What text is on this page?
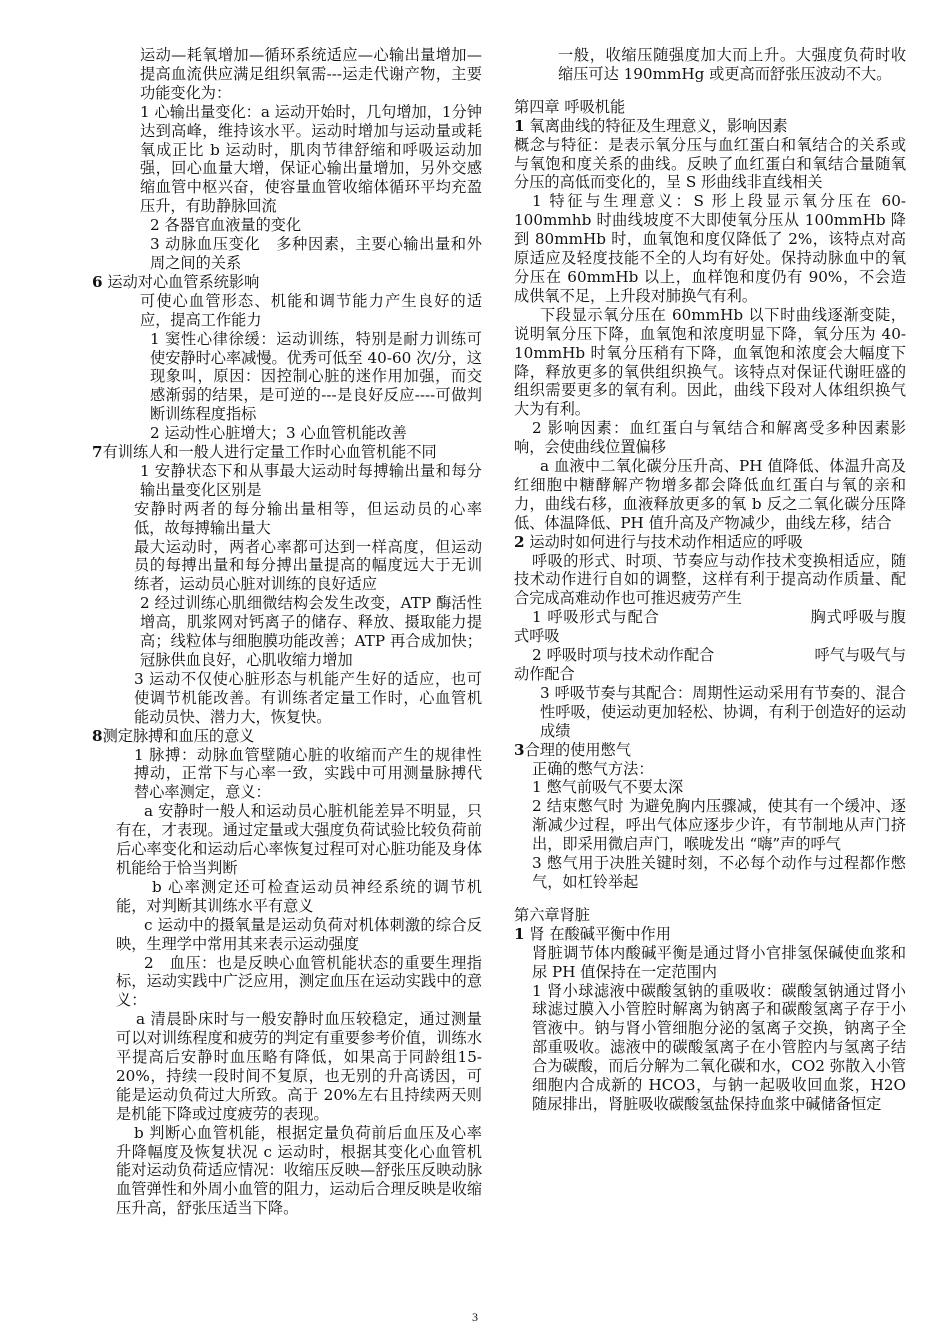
运动—耗氧增加—循环系统适应—心输出量增加—提高血流供应满足组织氧需---运走代谢产物，主要功能变化为：

1 心输出量变化：a 运动开始时，几句增加，1分钟达到高峰，维持该水平。运动时增加与运动量或耗氧成正比 b 运动时，肌肉节律舒缩和呼吸运动加强，回心血量大增，保证心输出量增加，另外交感缩血管中枢兴奋，使容量血管收缩体循环平均充盈压升，有助静脉回流

2 各器官血液量的变化

3 动脉血压变化　多种因素，主要心输出量和外周之间的关系

6 运动对心血管系统影响

可使心血管形态、机能和调节能力产生良好的适应，提高工作能力

1 窦性心律徐缓：运动训练，特别是耐力训练可使安静时心率减慢。优秀可低至 40-60 次/分，这现象叫，原因：因控制心脏的迷作用加强，而交感渐弱的结果，是可逆的---是良好反应----可做判断训练程度指标

2 运动性心脏增大；3 心血管机能改善

7有训练人和一般人进行定量工作时心血管机能不同

1 安静状态下和从事最大运动时每搏输出量和每分输出量变化区别是

安静时两者的每分输出量相等，但运动员的心率低，故每搏输出量大

最大运动时，两者心率都可达到一样高度，但运动员的每搏出量和每分搏出量提高的幅度远大于无训练者，运动员心脏对训练的良好适应

2 经过训练心肌细微结构会发生改变，ATP 酶活性增高，肌浆网对钙离子的储存、释放、摄取能力提高；线粒体与细胞膜功能改善；ATP 再合成加快；冠脉供血良好，心肌收缩力增加

3 运动不仅使心脏形态与机能产生好的适应，也可使调节机能改善。有训练者定量工作时，心血管机能动员快、潜力大，恢复快。

8测定脉搏和血压的意义

1 脉搏：动脉血管壁随心脏的收缩而产生的规律性搏动，正常下与心率一致，实践中可用测量脉搏代替心率测定，意义：

a 安静时一般人和运动员心脏机能差异不明显，只有在，才表现。通过定量或大强度负荷试验比较负荷前后心率变化和运动后心率恢复过程可对心脏功能及身体机能给于恰当判断

b 心率测定还可检查运动员神经系统的调节机能，对判断其训练水平有意义

c 运动中的摄氧量是运动负荷对机体刺激的综合反映，生理学中常用其来表示运动强度

2　血压：也是反映心血管机能状态的重要生理指标，运动实践中广泛应用，测定血压在运动实践中的意义：

a 清晨卧床时与一般安静时血压较稳定，通过测量可以对训练程度和疲劳的判定有重要参考价值，训练水平提高后安静时血压略有降低，如果高于同龄组15-20%，持续一段时间不复原，也无别的升高诱因，可能是运动负荷过大所致。高于 20%左右且持续两天则是机能下降或过度疲劳的表现。

b 判断心血管机能，根据定量负荷前后血压及心率升降幅度及恢复状况 c 运动时，根据其变化心血管机能对运动负荷适应情况：收缩压反映—舒张压反映动脉血管弹性和外周小血管的阻力，运动后合理反映是收缩压升高，舒张压适当下降。

一般，收缩压随强度加大而上升。大强度负荷时收缩压可达 190mmHg 或更高而舒张压波动不大。

第四章 呼吸机能

1 氧离曲线的特征及生理意义，影响因素

概念与特征：是表示氧分压与血红蛋白和氧结合的关系或与氧饱和度关系的曲线。反映了血红蛋白和氧结合量随氧分压的高低而变化的，呈 S 形曲线非直线相关

1 特征与生理意义：S 形上段显示氧分压在 60-100mmhb 时曲线坡度不大即使氧分压从 100mmHb 降到 80mmHb 时，血氧饱和度仅降低了 2%，该特点对高原适应及轻度技能不全的人均有好处。保持动脉血中的氧分压在 60mmHb 以上，血样饱和度仍有 90%，不会造成供氧不足，上升段对肺换气有利。

下段显示氧分压在 60mmHb 以下时曲线逐渐变陡，说明氧分压下降，血氧饱和浓度明显下降，氧分压为 40-10mmHb 时氧分压稍有下降，血氧饱和浓度会大幅度下降，释放更多的氧供组织换气。该特点对保证代谢旺盛的组织需要更多的氧有利。因此，曲线下段对人体组织换气大为有利。

2 影响因素：血红蛋白与氧结合和解离受多种因素影响，会使曲线位置偏移

a 血液中二氧化碳分压升高、PH 值降低、体温升高及红细胞中糖酵解产物增多都会降低血红蛋白与氧的亲和力，曲线右移，血液释放更多的氧 b 反之二氧化碳分压降低、体温降低、PH 值升高及产物减少，曲线左移，结合

2 运动时如何进行与技术动作相适应的呼吸

呼吸的形式、时项、节奏应与动作技术变换相适应，随技术动作进行自如的调整，这样有利于提高动作质量、配合完成高难动作也可推迟疲劳产生

1 呼吸形式与配合	胸式呼吸与腹式呼吸

2 呼吸时项与技术动作配合	呼气与吸气与动作配合

3 呼吸节奏与其配合：周期性运动采用有节奏的、混合性呼吸，使运动更加轻松、协调，有利于创造好的运动成绩

3合理的使用憋气

正确的憋气方法：

1 憋气前吸气不要太深

2 结束憋气时 为避免胸内压骤减，使其有一个缓冲、逐渐减少过程，呼出气体应逐步少许，有节制地从声门挤出，即采用微启声门，喉咙发出 “嗨”声的呼气

3 憋气用于决胜关键时刻，不必每个动作与过程都作憋气，如杠铃举起

第六章肾脏

1 肾 在酸碱平衡中作用

肾脏调节体内酸碱平衡是通过肾小官排氢保碱使血浆和尿 PH 值保持在一定范围内

1 肾小球滤液中碳酸氢钠的重吸收：碳酸氢钠通过肾小球滤过膜入小管腔时解离为钠离子和碳酸氢离子存于小管液中。钠与肾小管细胞分泌的氢离子交换，钠离子全部重吸收。滤液中的碳酸氢离子在小管腔内与氢离子结合为碳酸，而后分解为二氧化碳和水，CO2 弥散入小管细胞内合成新的 HCO3，与钠一起吸收回血浆，H2O 随尿排出，肾脏吸收碳酸氢盐保持血浆中碱储备恒定

3
